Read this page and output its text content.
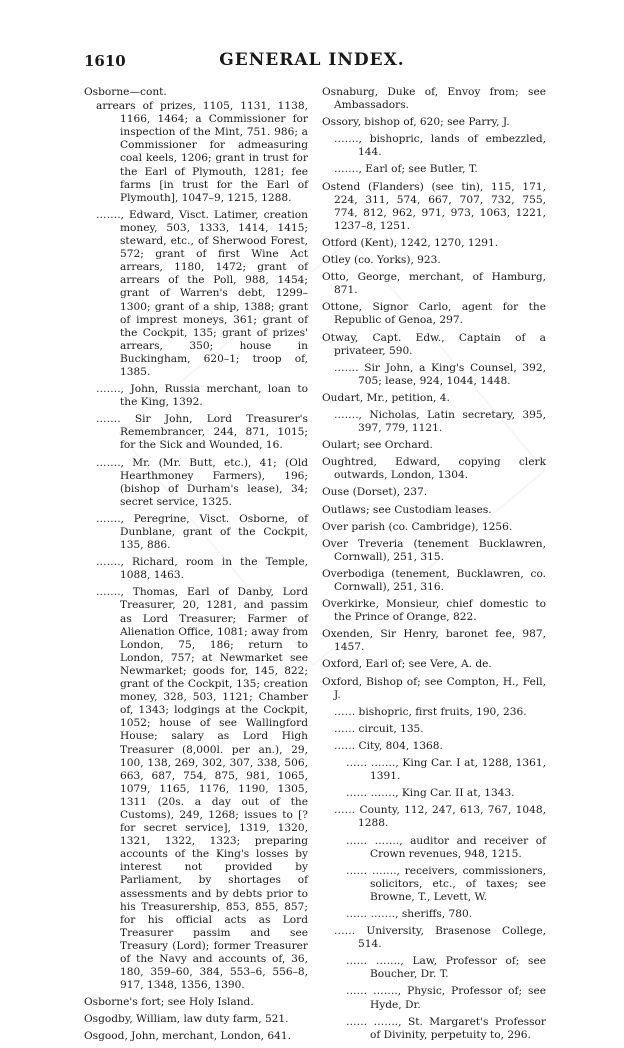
1610	GENERAL INDEX.

Osborne—cont.

arrears of prizes, 1105, 1131, 1138, 1166, 1464; a Commissioner for inspection of the Mint, 751. 986; a Commissioner for admeasuring coal keels, 1206; grant in trust for the Earl of Plymouth, 1281; fee farms [in trust for the Earl of Plymouth], 1047–9, 1215, 1288.

……., Edward, Visct. Latimer, creation money, 503, 1333, 1414, 1415; steward, etc., of Sherwood Forest, 572; grant of first Wine Act arrears, 1180, 1472; grant of arrears of the Poll, 988, 1454; grant of Warren's debt, 1299–1300; grant of a ship, 1388; grant of imprest moneys, 361; grant of the Cockpit, 135; grant of prizes' arrears, 350; house in Buckingham, 620–1; troop of, 1385.

……., John, Russia merchant, loan to the King, 1392.

……. Sir John, Lord Treasurer's Remembrancer, 244, 871, 1015; for the Sick and Wounded, 16.

……., Mr. (Mr. Butt, etc.), 41; (Old Hearthmoney Farmers), 196; (bishop of Durham's lease), 34; secret service, 1325.

……., Peregrine, Visct. Osborne, of Dunblane, grant of the Cockpit, 135, 886.

……., Richard, room in the Temple, 1088, 1463.

……., Thomas, Earl of Danby, Lord Treasurer, 20, 1281, and passim as Lord Treasurer; Farmer of Alienation Office, 1081; away from London, 75, 186; return to London, 757; at Newmarket see Newmarket; goods for, 145, 822; grant of the Cockpit, 135; creation money, 328, 503, 1121; Chamber of, 1343; lodgings at the Cockpit, 1052; house of see Wallingford House; salary as Lord High Treasurer (8,000l. per an.), 29, 100, 138, 269, 302, 307, 338, 506, 663, 687, 754, 875, 981, 1065, 1079, 1165, 1176, 1190, 1305, 1311 (20s. a day out of the Customs), 249, 1268; issues to [? for secret service], 1319, 1320, 1321, 1322, 1323; preparing accounts of the King's losses by interest not provided by Parliament, by shortages of assessments and by debts prior to his Treasurership, 853, 855, 857; for his official acts as Lord Treasurer passim and see Treasury (Lord); former Treasurer of the Navy and accounts of, 36, 180, 359–60, 384, 553–6, 556–8, 917, 1348, 1356, 1390.

Osborne's fort; see Holy Island.

Osgodby, William, law duty farm, 521.

Osgood, John, merchant, London, 641.

Osnaburg, Duke of, Envoy from; see Ambassadors.

Ossory, bishop of, 620; see Parry, J.

……., bishopric, lands of embezzled, 144.

……., Earl of; see Butler, T.

Ostend (Flanders) (see tin), 115, 171, 224, 311, 574, 667, 707, 732, 755, 774, 812, 962, 971, 973, 1063, 1221, 1237–8, 1251.

Otford (Kent), 1242, 1270, 1291.

Otley (co. Yorks), 923.

Otto, George, merchant, of Hamburg, 871.

Ottone, Signor Carlo, agent for the Republic of Genoa, 297.

Otway, Capt. Edw., Captain of a privateer, 590.

……. Sir John, a King's Counsel, 392, 705; lease, 924, 1044, 1448.

Oudart, Mr., petition, 4.

……., Nicholas, Latin secretary, 395, 397, 779, 1121.

Oulart; see Orchard.

Oughtred, Edward, copying clerk outwards, London, 1304.

Ouse (Dorset), 237.

Outlaws; see Custodiam leases.

Over parish (co. Cambridge), 1256.

Over Treveria (tenement Bucklawren, Cornwall), 251, 315.

Overbodiga (tenement, Bucklawren, co. Cornwall), 251, 316.

Overkirke, Monsieur, chief domestic to the Prince of Orange, 822.

Oxenden, Sir Henry, baronet fee, 987, 1457.

Oxford, Earl of; see Vere, A. de.

Oxford, Bishop of; see Compton, H., Fell, J.

…… bishopric, first fruits, 190, 236.

…… circuit, 135.

…… City, 804, 1368.

…… ……., King Car. I at, 1288, 1361, 1391.

…… ……., King Car. II at, 1343.

…… County, 112, 247, 613, 767, 1048, 1288.

…… ……., auditor and receiver of Crown revenues, 948, 1215.

…… ……., receivers, commissioners, solicitors, etc., of taxes; see Browne, T., Levett, W.

…… ……., sheriffs, 780.

…… University, Brasenose College, 514.

…… ……., Law, Professor of; see Boucher, Dr. T.

…… ……., Physic, Professor of; see Hyde, Dr.

…… ……., St. Margaret's Professor of Divinity, perpetuity to, 296.
